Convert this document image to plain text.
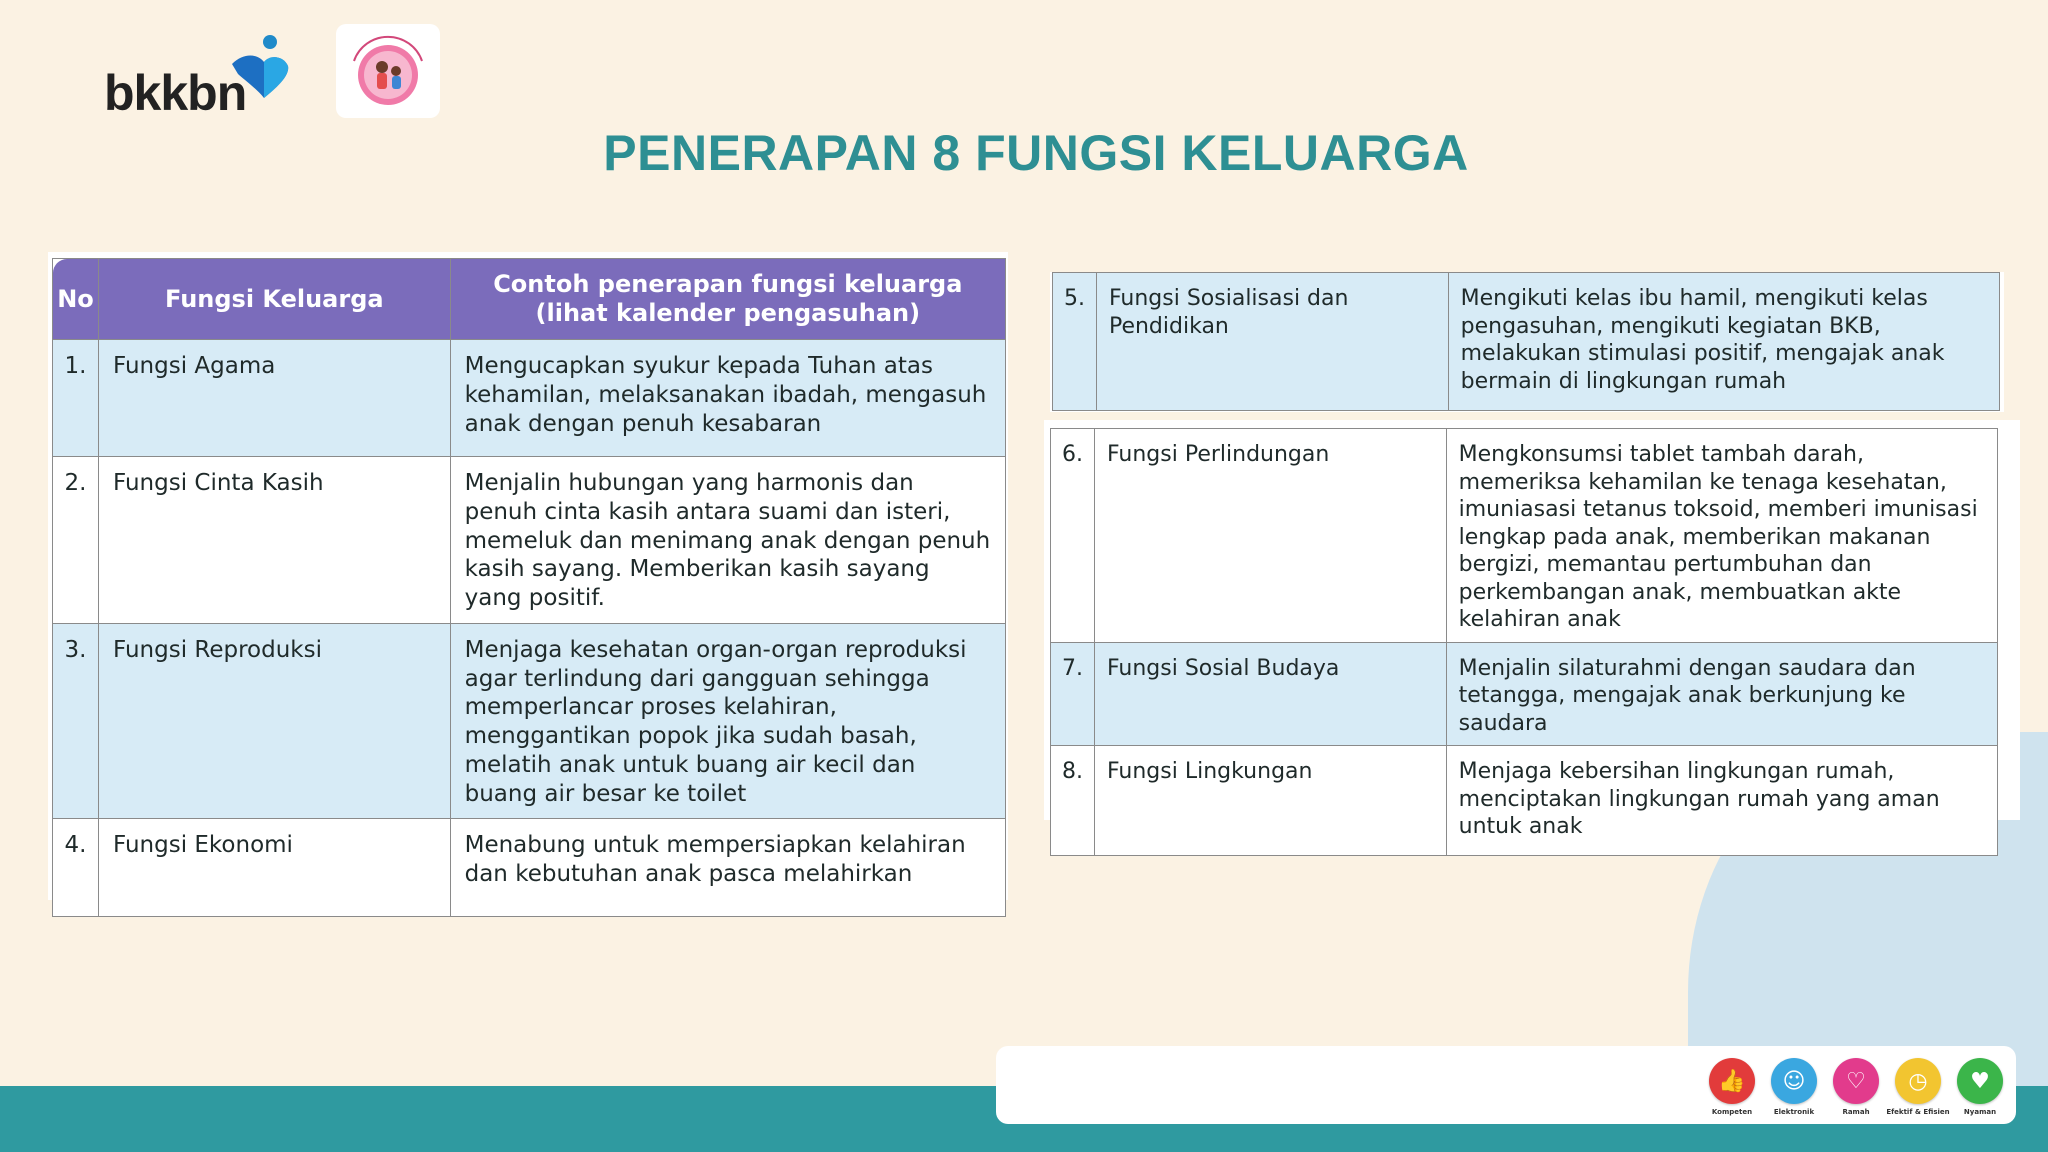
bkkbn
PENERAPAN 8 FUNGSI KELUARGA
No	Fungsi Keluarga	Contoh penerapan fungsi keluarga
(lihat kalender pengasuhan)
1.	Fungsi Agama	Mengucapkan syukur kepada Tuhan atas kehamilan, melaksanakan ibadah, mengasuh anak dengan penuh kesabaran
2.	Fungsi Cinta Kasih	Menjalin hubungan yang harmonis dan penuh cinta kasih antara suami dan isteri, memeluk dan menimang anak dengan penuh kasih sayang. Memberikan kasih sayang yang positif.
3.	Fungsi Reproduksi	Menjaga kesehatan organ-organ reproduksi agar terlindung dari gangguan sehingga memperlancar proses kelahiran, menggantikan popok jika sudah basah, melatih anak untuk buang air kecil dan buang air besar ke toilet
4.	Fungsi Ekonomi	Menabung untuk mempersiapkan kelahiran dan kebutuhan anak pasca melahirkan
5.	Fungsi Sosialisasi dan Pendidikan	Mengikuti kelas ibu hamil, mengikuti kelas pengasuhan, mengikuti kegiatan BKB, melakukan stimulasi positif, mengajak anak bermain di lingkungan rumah
6.	Fungsi Perlindungan	Mengkonsumsi tablet tambah darah, memeriksa kehamilan ke tenaga kesehatan, imuniasasi tetanus toksoid, memberi imunisasi lengkap pada anak, memberikan makanan bergizi, memantau pertumbuhan dan perkembangan anak, membuatkan akte kelahiran anak
7.	Fungsi Sosial Budaya	Menjalin silaturahmi dengan saudara dan tetangga, mengajak anak berkunjung ke saudara
8.	Fungsi Lingkungan	Menjaga kebersihan lingkungan rumah, menciptakan lingkungan rumah yang aman untuk anak
👍
Kompeten
☺
Elektronik
♡
Ramah
◷
Efektif & Efisien
♥
Nyaman
